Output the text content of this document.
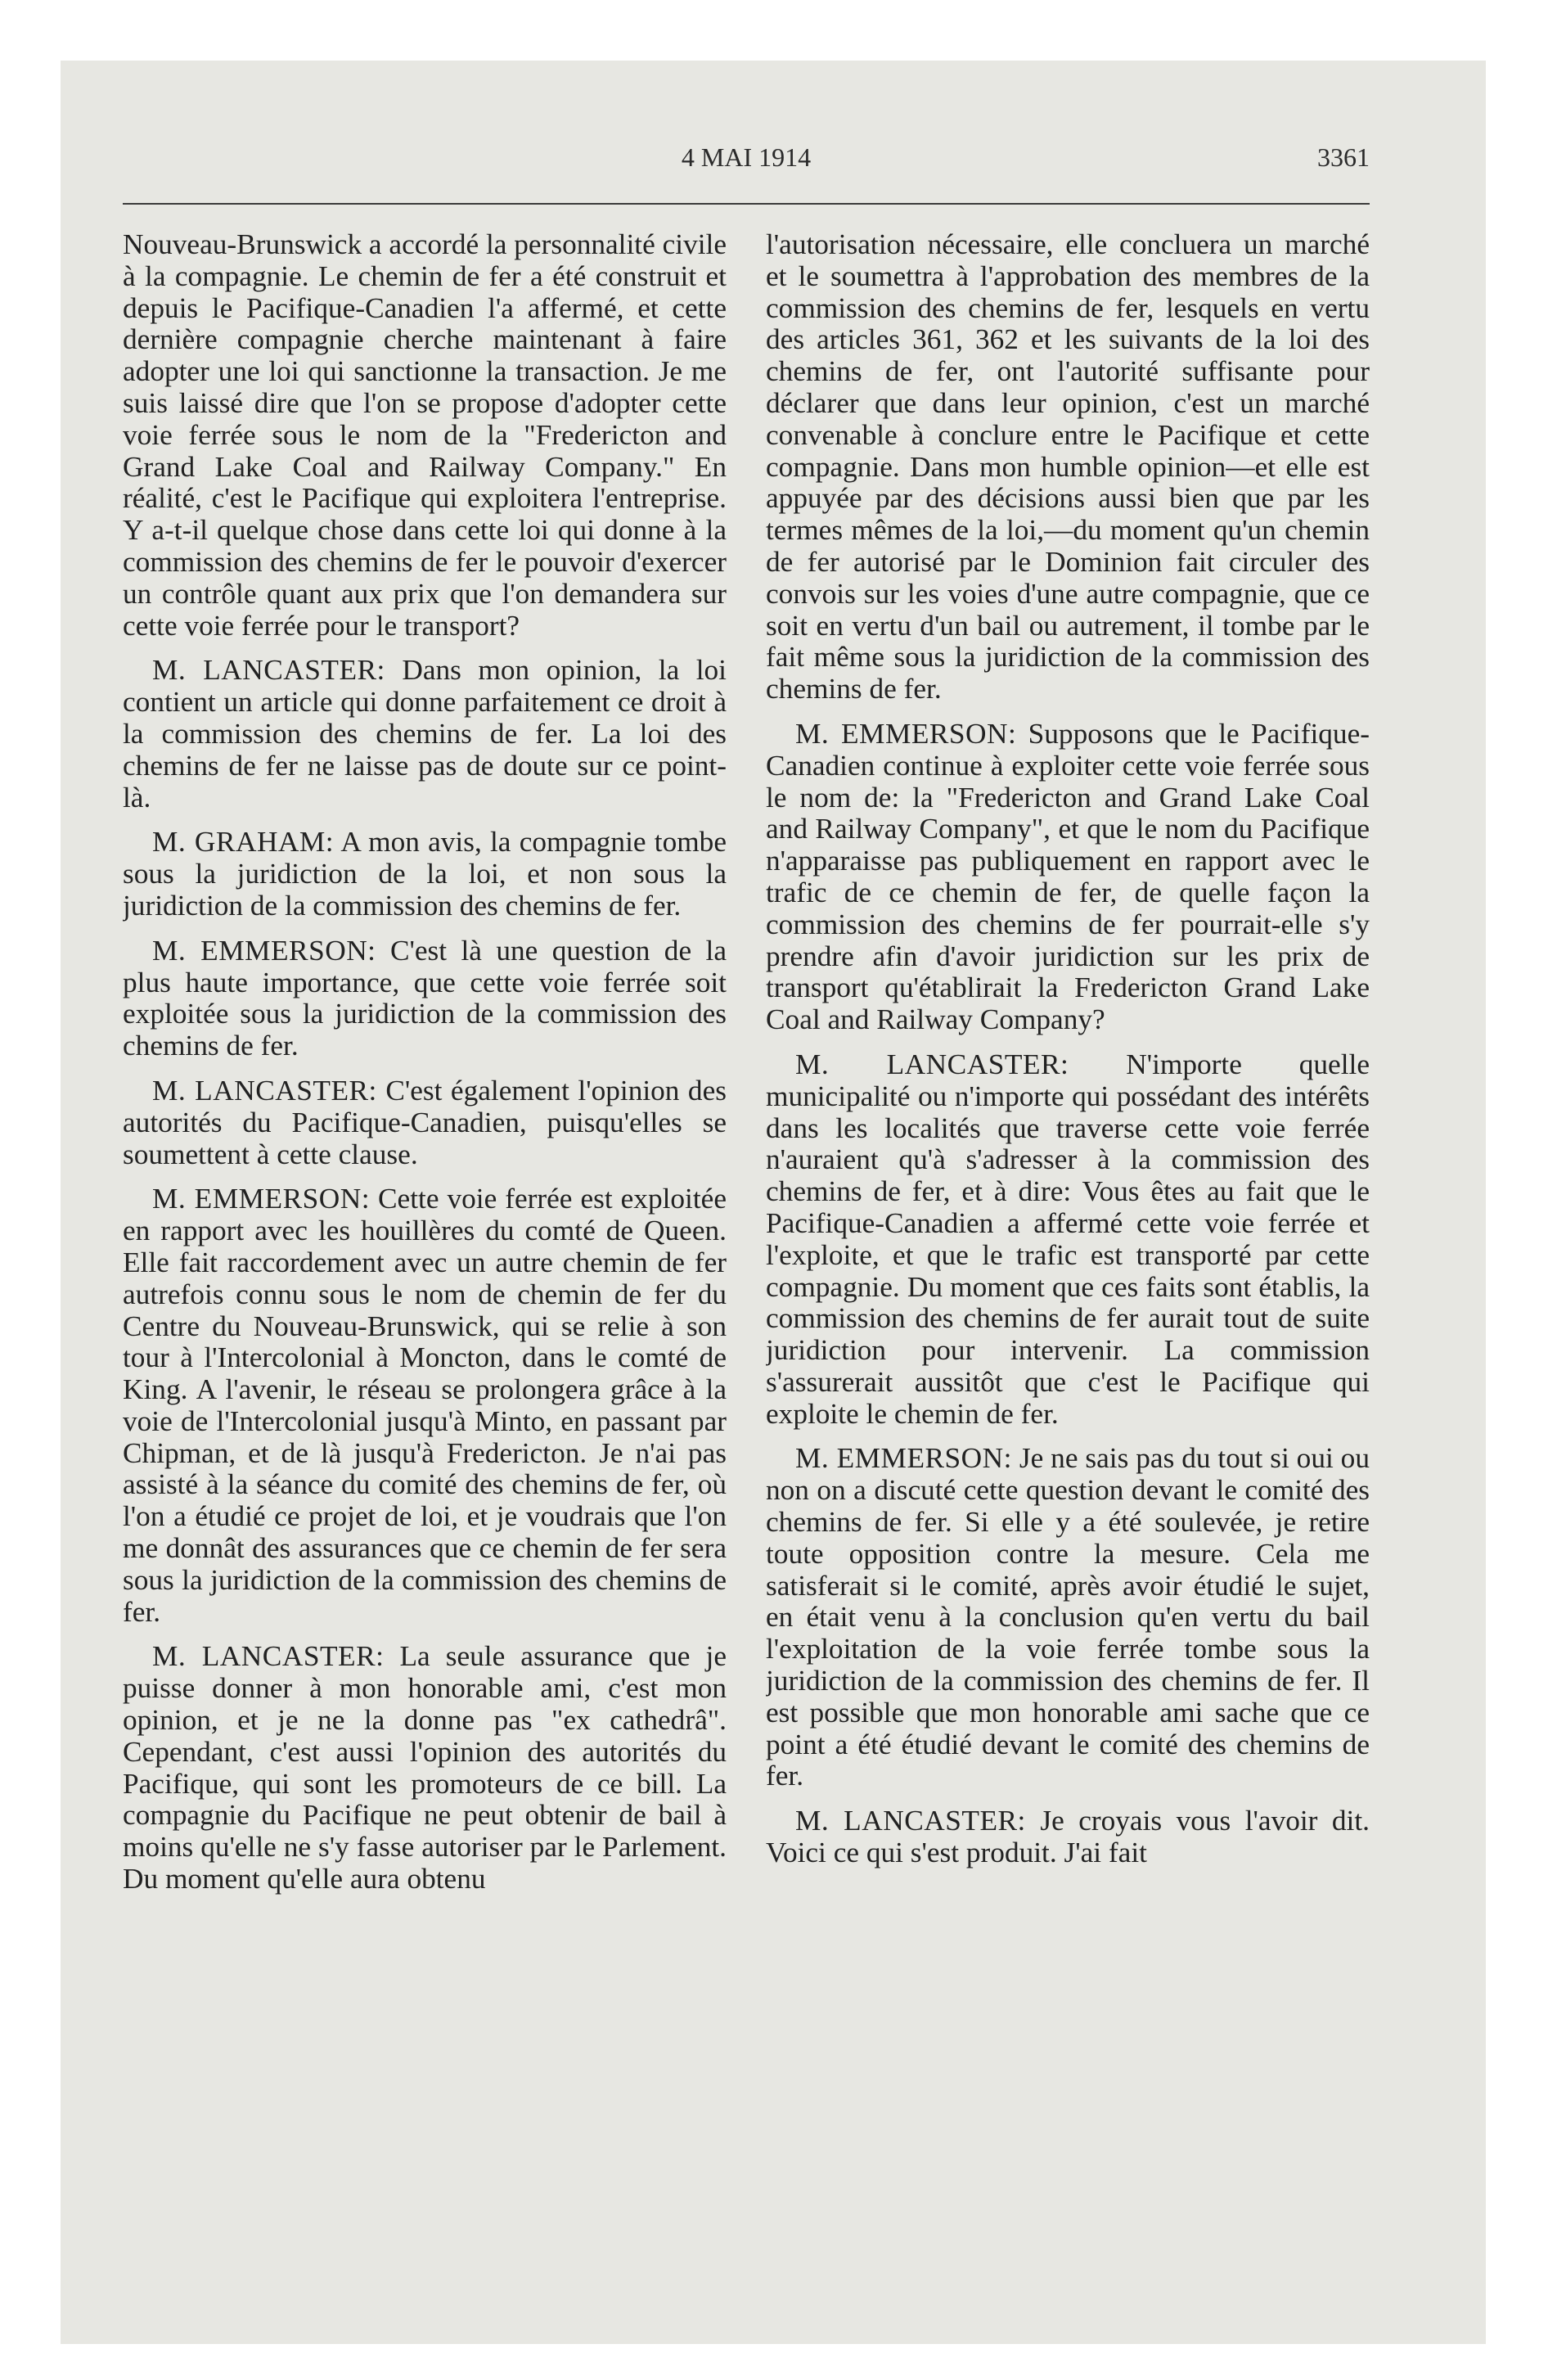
4 MAI 1914	3361

Nouveau-Brunswick a accordé la personnalité civile à la compagnie. Le chemin de fer a été construit et depuis le Pacifique-Canadien l'a affermé, et cette dernière compagnie cherche maintenant à faire adopter une loi qui sanctionne la transaction. Je me suis laissé dire que l'on se propose d'adopter cette voie ferrée sous le nom de la "Fredericton and Grand Lake Coal and Railway Company." En réalité, c'est le Pacifique qui exploitera l'entreprise. Y a-t-il quelque chose dans cette loi qui donne à la commission des chemins de fer le pouvoir d'exercer un contrôle quant aux prix que l'on demandera sur cette voie ferrée pour le transport?

M. LANCASTER: Dans mon opinion, la loi contient un article qui donne parfaitement ce droit à la commission des chemins de fer. La loi des chemins de fer ne laisse pas de doute sur ce point-là.

M. GRAHAM: A mon avis, la compagnie tombe sous la juridiction de la loi, et non sous la juridiction de la commission des chemins de fer.

M. EMMERSON: C'est là une question de la plus haute importance, que cette voie ferrée soit exploitée sous la juridiction de la commission des chemins de fer.

M. LANCASTER: C'est également l'opinion des autorités du Pacifique-Canadien, puisqu'elles se soumettent à cette clause.

M. EMMERSON: Cette voie ferrée est exploitée en rapport avec les houillères du comté de Queen. Elle fait raccordement avec un autre chemin de fer autrefois connu sous le nom de chemin de fer du Centre du Nouveau-Brunswick, qui se relie à son tour à l'Intercolonial à Moncton, dans le comté de King. A l'avenir, le réseau se prolongera grâce à la voie de l'Intercolonial jusqu'à Minto, en passant par Chipman, et de là jusqu'à Fredericton. Je n'ai pas assisté à la séance du comité des chemins de fer, où l'on a étudié ce projet de loi, et je voudrais que l'on me donnât des assurances que ce chemin de fer sera sous la juridiction de la commission des chemins de fer.

M. LANCASTER: La seule assurance que je puisse donner à mon honorable ami, c'est mon opinion, et je ne la donne pas "ex cathedrâ". Cependant, c'est aussi l'opinion des autorités du Pacifique, qui sont les promoteurs de ce bill. La compagnie du Pacifique ne peut obtenir de bail à moins qu'elle ne s'y fasse autoriser par le Parlement. Du moment qu'elle aura obtenu

l'autorisation nécessaire, elle concluera un marché et le soumettra à l'approbation des membres de la commission des chemins de fer, lesquels en vertu des articles 361, 362 et les suivants de la loi des chemins de fer, ont l'autorité suffisante pour déclarer que dans leur opinion, c'est un marché convenable à conclure entre le Pacifique et cette compagnie. Dans mon humble opinion—et elle est appuyée par des décisions aussi bien que par les termes mêmes de la loi,—du moment qu'un chemin de fer autorisé par le Dominion fait circuler des convois sur les voies d'une autre compagnie, que ce soit en vertu d'un bail ou autrement, il tombe par le fait même sous la juridiction de la commission des chemins de fer.

M. EMMERSON: Supposons que le Pacifique-Canadien continue à exploiter cette voie ferrée sous le nom de: la "Fredericton and Grand Lake Coal and Railway Company", et que le nom du Pacifique n'apparaisse pas publiquement en rapport avec le trafic de ce chemin de fer, de quelle façon la commission des chemins de fer pourrait-elle s'y prendre afin d'avoir juridiction sur les prix de transport qu'établirait la Fredericton Grand Lake Coal and Railway Company?

M. LANCASTER: N'importe quelle municipalité ou n'importe qui possédant des intérêts dans les localités que traverse cette voie ferrée n'auraient qu'à s'adresser à la commission des chemins de fer, et à dire: Vous êtes au fait que le Pacifique-Canadien a affermé cette voie ferrée et l'exploite, et que le trafic est transporté par cette compagnie. Du moment que ces faits sont établis, la commission des chemins de fer aurait tout de suite juridiction pour intervenir. La commission s'assurerait aussitôt que c'est le Pacifique qui exploite le chemin de fer.

M. EMMERSON: Je ne sais pas du tout si oui ou non on a discuté cette question devant le comité des chemins de fer. Si elle y a été soulevée, je retire toute opposition contre la mesure. Cela me satisferait si le comité, après avoir étudié le sujet, en était venu à la conclusion qu'en vertu du bail l'exploitation de la voie ferrée tombe sous la juridiction de la commission des chemins de fer. Il est possible que mon honorable ami sache que ce point a été étudié devant le comité des chemins de fer.

M. LANCASTER: Je croyais vous l'avoir dit. Voici ce qui s'est produit. J'ai fait
